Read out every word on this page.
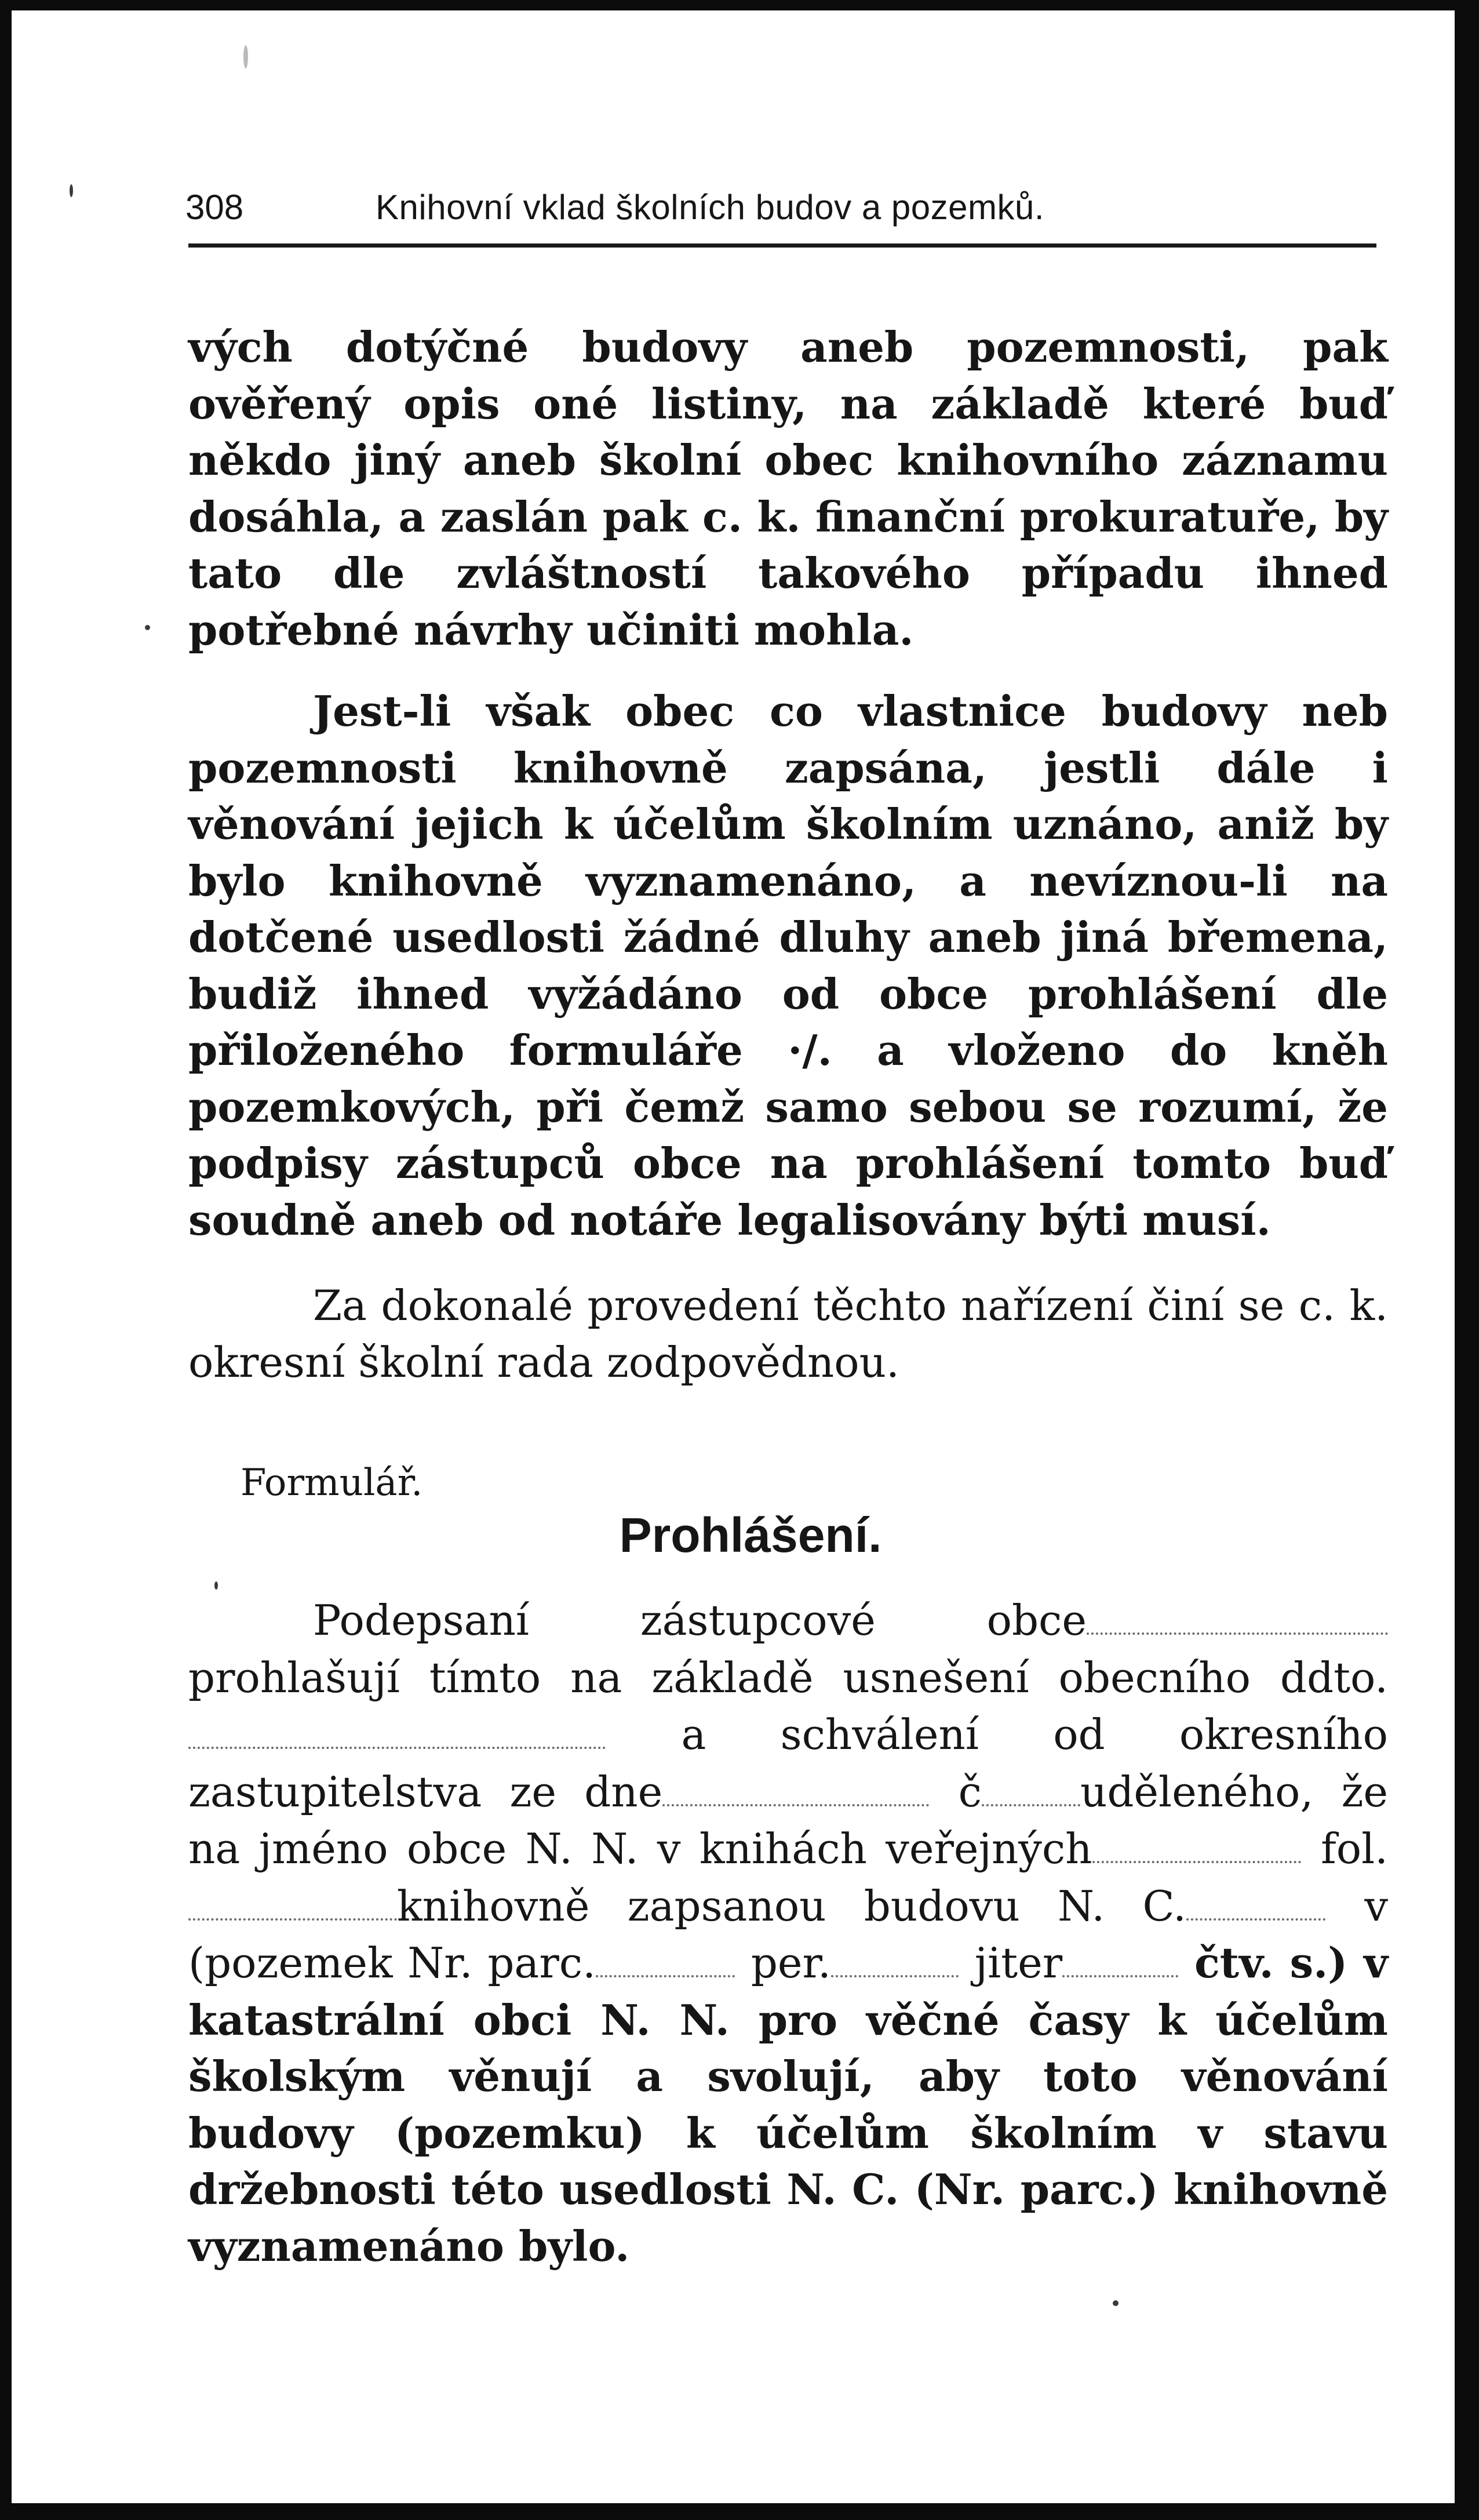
308	Knihovní vklad školních budov a pozemků.

vých dotýčné budovy aneb pozemnosti, pak ověřený opis oné listiny, na základě které buď někdo jiný aneb školní obec knihovního záznamu dosáhla, a zaslán pak c. k. finanční prokuratuře, by tato dle zvláštností takového případu ihned potřebné návrhy učiniti mohla.

Jest-li však obec co vlastnice budovy neb pozemnosti knihovně zapsána, jestli dále i věnování jejich k účelům školním uznáno, aniž by bylo knihovně vyznamenáno, a nevíznou-li na dotčené usedlosti žádné dluhy aneb jiná břemena, budiž ihned vyžádáno od obce prohlášení dle přiloženého formuláře ·/. a vloženo do kněh pozemkových, při čemž samo sebou se rozumí, že podpisy zástupců obce na prohlášení tomto buď soudně aneb od notáře legalisovány býti musí.

Za dokonalé provedení těchto nařízení činí se c. k. okresní školní rada zodpovědnou.

Formulář.
Prohlášení.

Podepsaní zástupcové obce prohlašují tímto na základě usnešení obecního ddto.  a schválení od okresního zastupitelstva ze dne	č uděleného, že na jméno obce N. N. v knihách veřejných	fol.knihovně zapsanou budovu N. C.	v (pozemek Nr. parc.	per.	jiter	čtv. s.) v katastrální obci N. N. pro věčné časy k účelům školským věnují a svolují, aby toto věnování budovy (pozemku) k účelům školním v stavu držebnosti této usedlosti N. C. (Nr. parc.) knihovně vyznamenáno bylo.
